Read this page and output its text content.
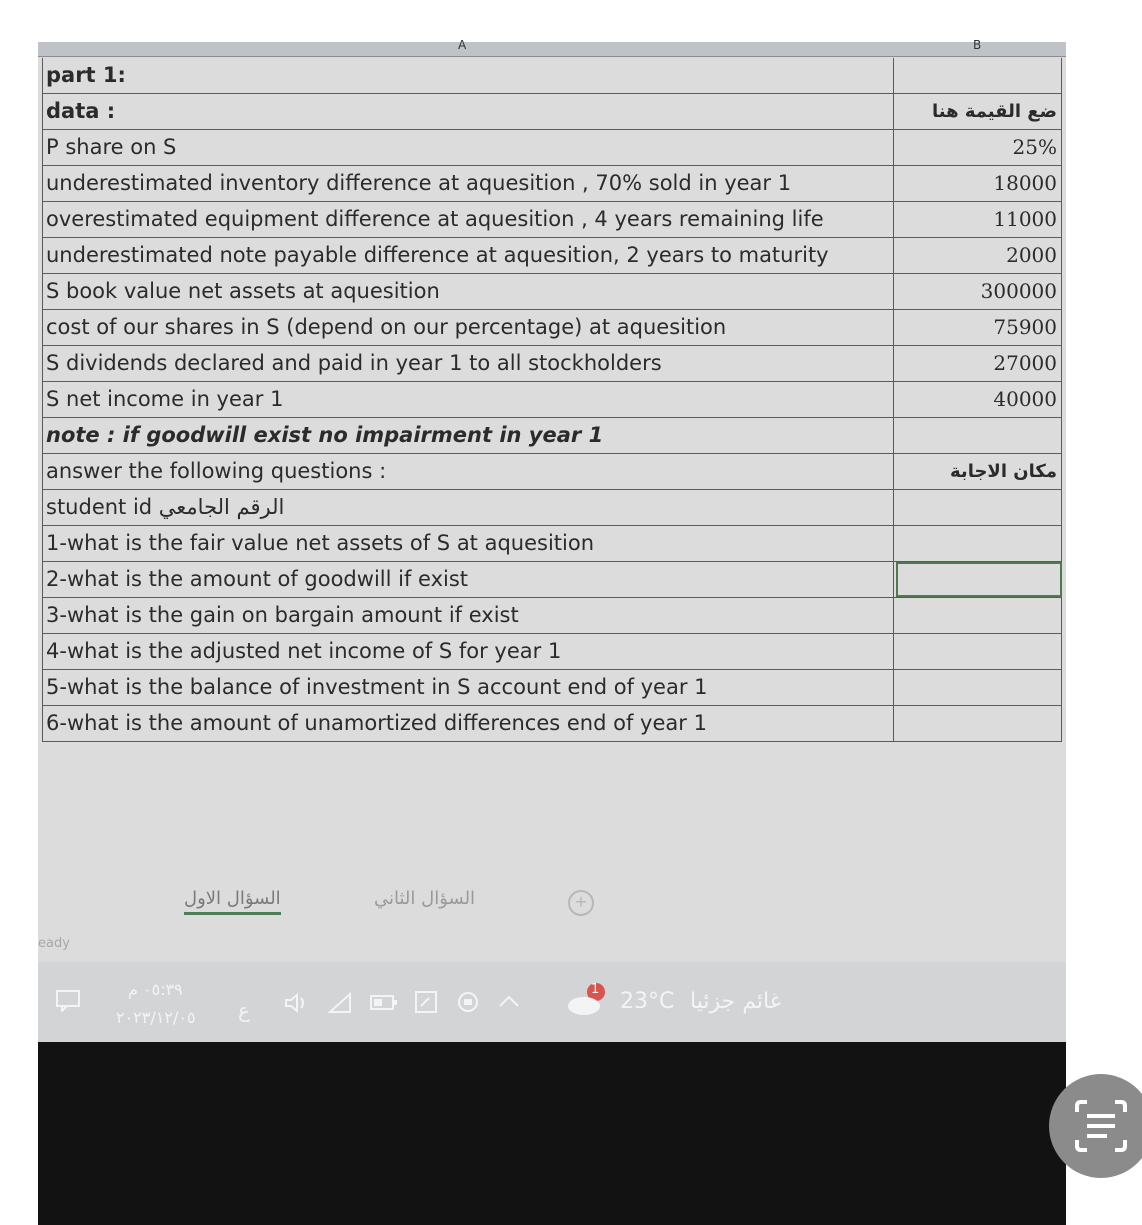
A	B
part 1:
data :	ضع القيمة هنا
P share on S	25%
underestimated inventory difference at aquesition , 70% sold in year 1	18000
overestimated equipment difference at aquesition , 4 years remaining life	11000
underestimated note payable difference at aquesition, 2 years to maturity	2000
S book value net assets at aquesition	300000
cost of our shares in S (depend on our percentage) at aquesition	75900
S dividends declared and paid in year 1 to all stockholders	27000
S net income in year 1	40000
note : if goodwill exist no impairment in year 1
answer the following questions :	مكان الاجابة
student id الرقم الجامعي
1-what is the fair value net assets of S at aquesition
2-what is the amount of goodwill if exist
3-what is the gain on bargain amount if exist
4-what is the adjusted net income of S for year 1
5-what is the balance of investment in S account end of year 1
6-what is the amount of unamortized differences end of year 1
السؤال الاول	السؤال الثاني	+
eady
٠٥:٣٩ م
٢٠٢٣/١٢/٠٥ ع
1 23°C غائم جزئيا
